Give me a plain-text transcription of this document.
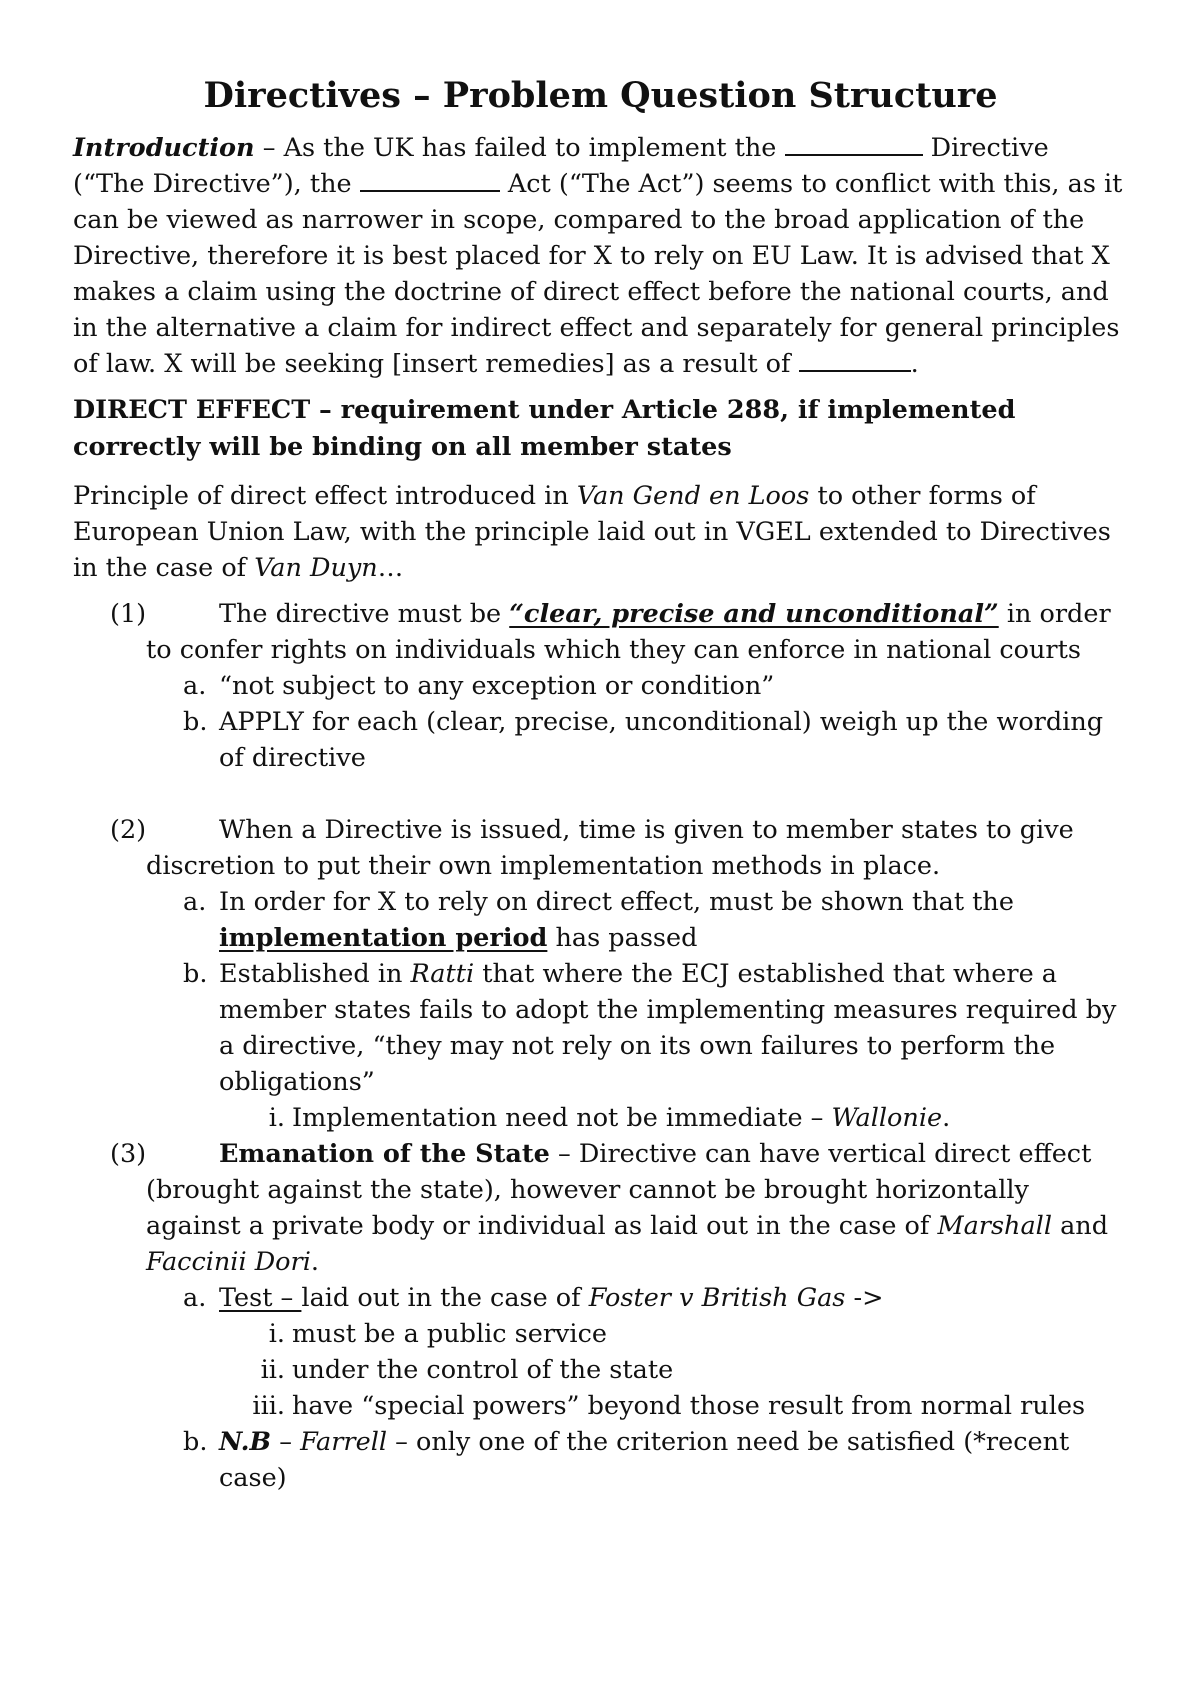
Directives – Problem Question Structure

Introduction – As the UK has failed to implement the	Directive (“The Directive”), the	Act (“The Act”) seems to conflict with this, as it can be viewed as narrower in scope, compared to the broad application of the Directive, therefore it is best placed for X to rely on EU Law. It is advised that X makes a claim using the doctrine of direct effect before the national courts, and in the alternative a claim for indirect effect and separately for general principles of law. X will be seeking [insert remedies] as a result of	.

DIRECT EFFECT – requirement under Article 288, if implemented correctly will be binding on all member states

Principle of direct effect introduced in Van Gend en Loos to other forms of European Union Law, with the principle laid out in VGEL extended to Directives in the case of Van Duyn…

(1)	The directive must be “clear, precise and unconditional” in order to confer rights on individuals which they can enforce in national courts

a. “not subject to any exception or condition”

b. APPLY for each (clear, precise, unconditional) weigh up the wording of directive

(2)	When a Directive is issued, time is given to member states to give discretion to put their own implementation methods in place.

a. In order for X to rely on direct effect, must be shown that the implementation period has passed

b. Established in Ratti that where the ECJ established that where a member states fails to adopt the implementing measures required by a directive, “they may not rely on its own failures to perform the obligations”

i. Implementation need not be immediate – Wallonie.

(3)	Emanation of the State – Directive can have vertical direct effect (brought against the state), however cannot be brought horizontally against a private body or individual as laid out in the case of Marshall and Faccinii Dori.

a. Test – laid out in the case of Foster v British Gas ->

i. must be a public service

ii. under the control of the state

iii. have “special powers” beyond those result from normal rules

b. N.B – Farrell – only one of the criterion need be satisfied (*recent case)
